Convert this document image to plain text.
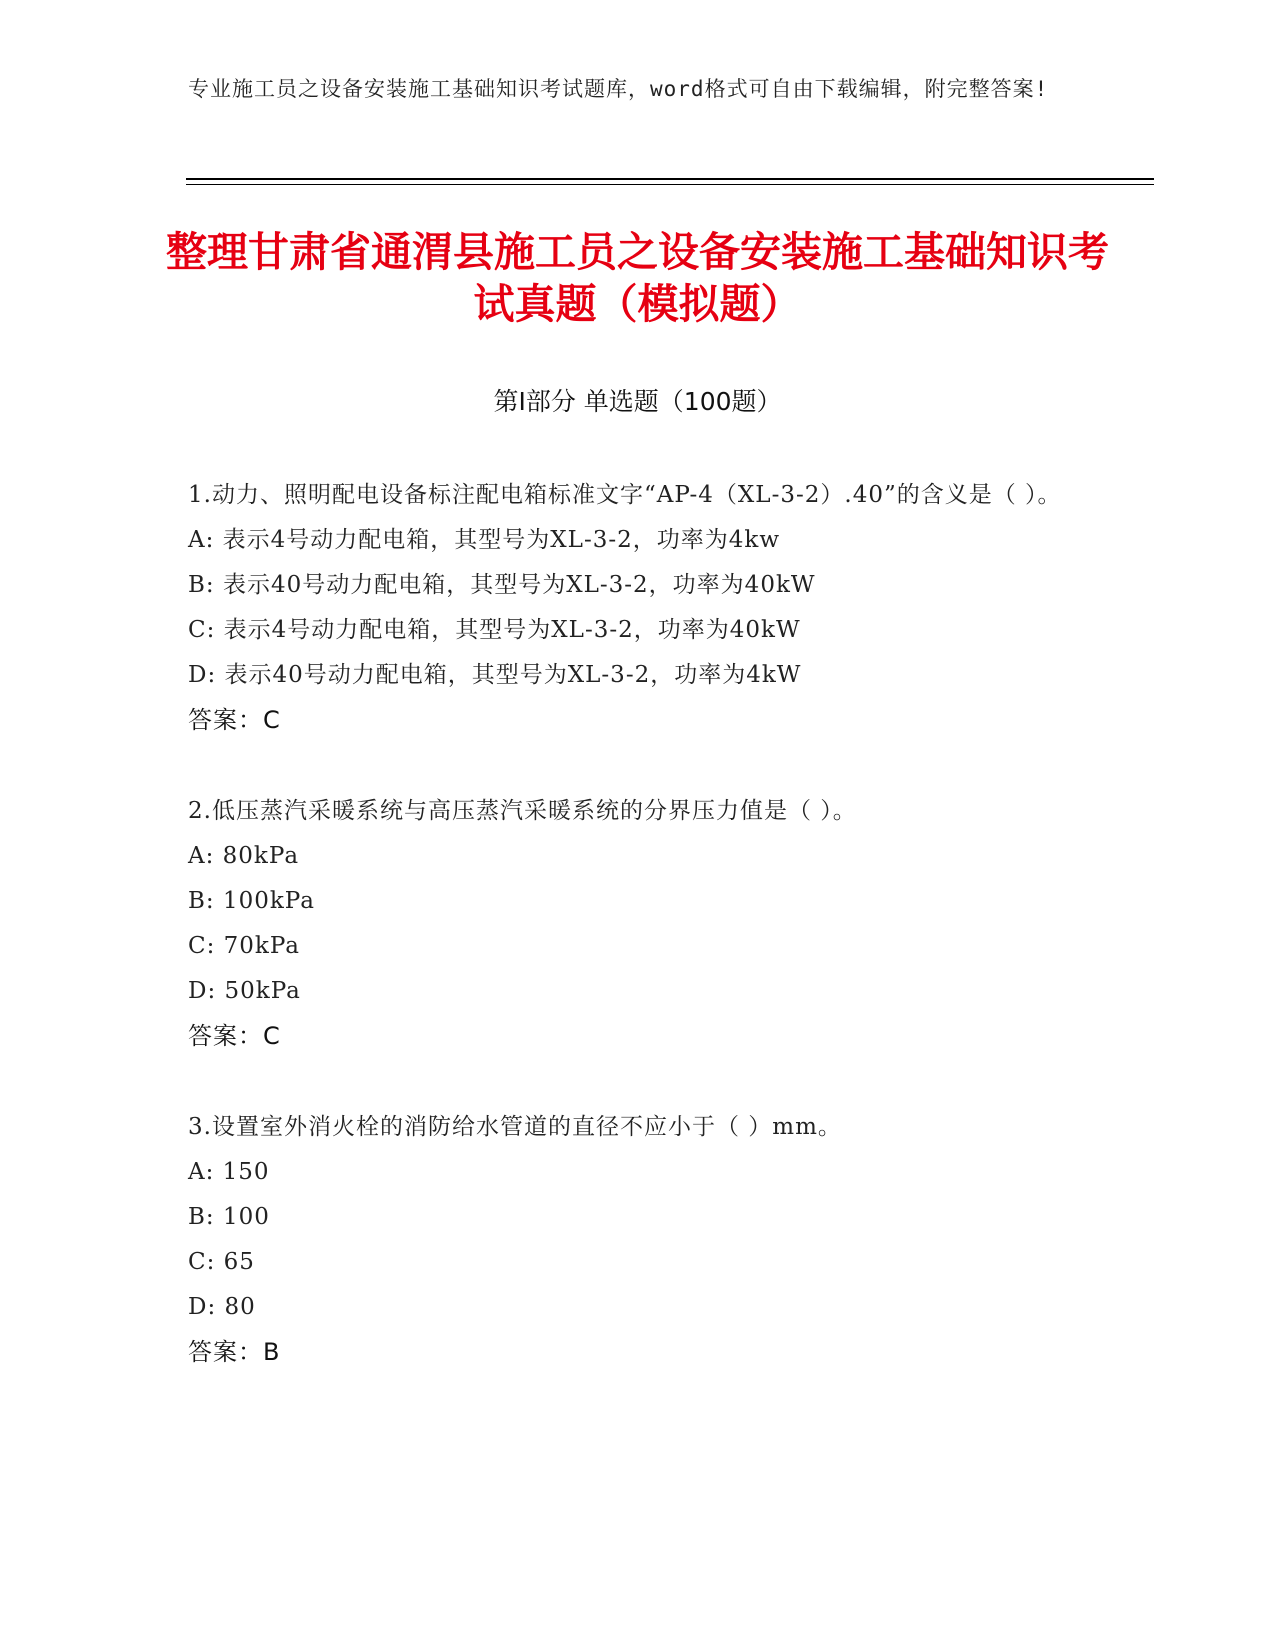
专业施工员之设备安装施工基础知识考试题库，word格式可自由下载编辑，附完整答案!
整理甘肃省通渭县施工员之设备安装施工基础知识考试真题（模拟题）
第Ⅰ部分 单选题（100题）
1.动力、照明配电设备标注配电箱标准文字“AP-4（XL-3-2）.40”的含义是（ ）。
A: 表示4号动力配电箱，其型号为XL-3-2，功率为4kw
B: 表示40号动力配电箱，其型号为XL-3-2，功率为40kW
C: 表示4号动力配电箱，其型号为XL-3-2，功率为40kW
D: 表示40号动力配电箱，其型号为XL-3-2，功率为4kW
答案：C
2.低压蒸汽采暖系统与高压蒸汽采暖系统的分界压力值是（ ）。
A: 80kPa
B: 100kPa
C: 70kPa
D: 50kPa
答案：C
3.设置室外消火栓的消防给水管道的直径不应小于（ ）mm。
A: 150
B: 100
C: 65
D: 80
答案：B
